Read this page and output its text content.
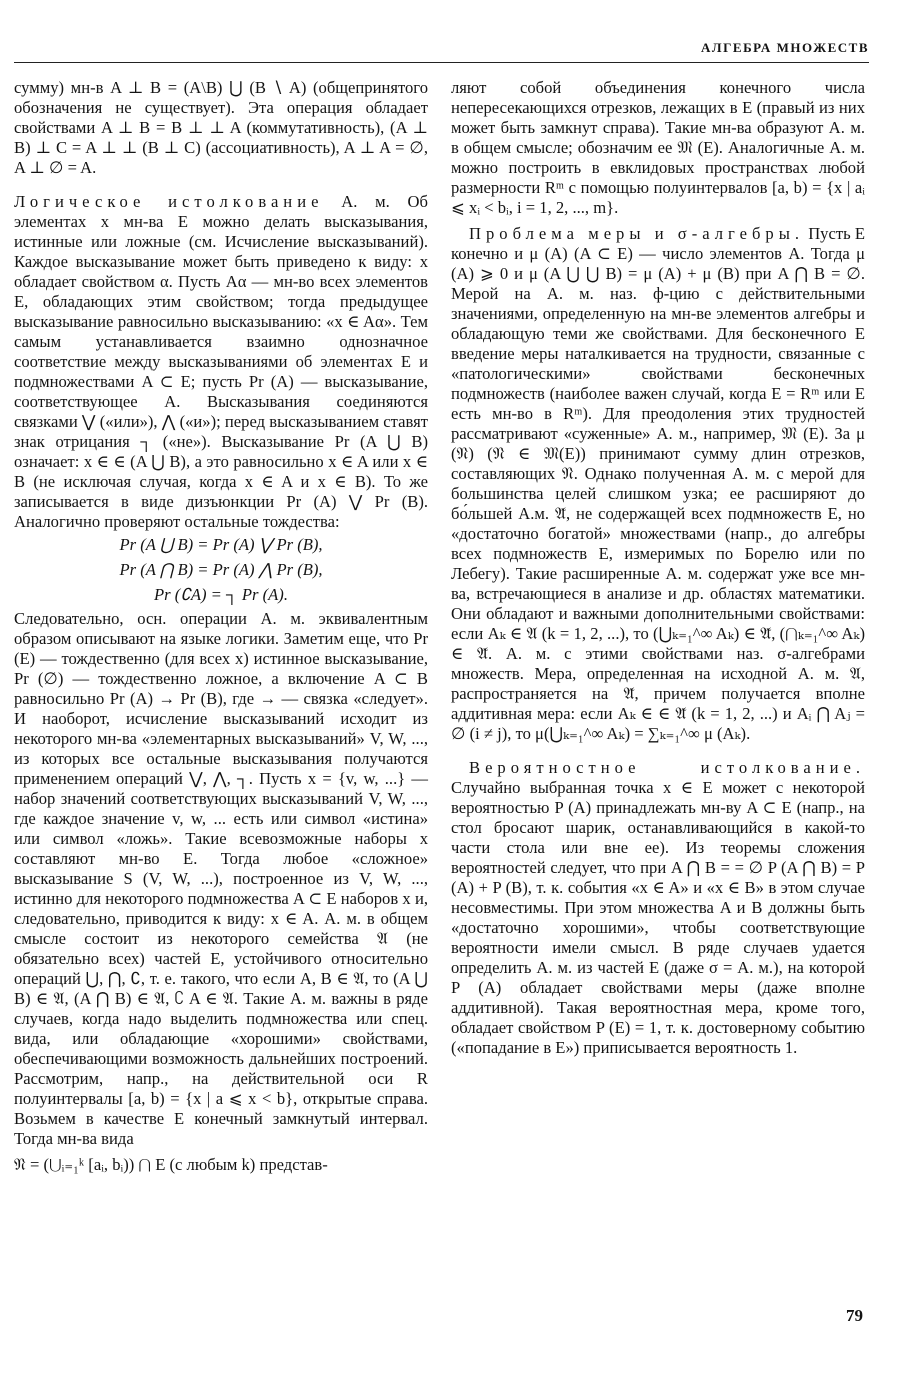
АЛГЕБРА МНОЖЕСТВ

сумму) мн-в A ⊥ B = (A\B) ⋃ (B ∖ A) (общепринятого обозначения не существует). Эта операция обладает свойствами A ⊥ B = B ⊥ ⊥ A (коммутативность), (A ⊥ B) ⊥ C = A ⊥ ⊥ (B ⊥ C) (ассоциативность), A ⊥ A = ∅, A ⊥ ∅ = A.

Логическое истолкование А. м. Об элементах x мн-ва E можно делать высказывания, истинные или ложные (см. Исчисление высказываний). Каждое высказывание может быть приведено к виду: x обладает свойством α. Пусть Aα — мн-во всех элементов E, обладающих этим свойством; тогда предыдущее высказывание равносильно высказыванию: «x ∈ Aα». Тем самым устанавливается взаимно однозначное соответствие между высказываниями об элементах E и подмножествами A ⊂ E; пусть Pr (A) — высказывание, соответствующее A. Высказывания соединяются связками ⋁ («или»), ⋀ («и»); перед высказыванием ставят знак отрицания ┐ («не»). Высказывание Pr (A ⋃ B) означает: x ∈ ∈ (A ⋃ B), а это равносильно x ∈ A или x ∈ B (не исключая случая, когда x ∈ A и x ∈ B). То же записывается в виде дизъюнкции Pr (A) ⋁ Pr (B). Аналогично проверяют остальные тождества:

Pr (A ⋃ B) = Pr (A) ⋁ Pr (B),
Pr (A ⋂ B) = Pr (A) ⋀ Pr (B),
Pr (∁A) = ┐ Pr (A).

Следовательно, осн. операции А. м. эквивалентным образом описывают на языке логики. Заметим еще, что Pr (E) — тождественно (для всех x) истинное высказывание, Pr (∅) — тождественно ложное, а включение A ⊂ B равносильно Pr (A) → Pr (B), где → — связка «следует». И наоборот, исчисление высказываний исходит из некоторого мн-ва «элементарных высказываний» V, W, ..., из которых все остальные высказывания получаются применением операций ⋁, ⋀, ┐. Пусть x = {v, w, ...} — набор значений соответствующих высказываний V, W, ..., где каждое значение v, w, ... есть или символ «истина» или символ «ложь». Такие всевозможные наборы x составляют мн-во E. Тогда любое «сложное» высказывание S (V, W, ...), построенное из V, W, ..., истинно для некоторого подмножества A ⊂ E наборов x и, следовательно, приводится к виду: x ∈ A. А. м. в общем смысле состоит из некоторого семейства 𝔄 (не обязательно всех) частей E, устойчивого относительно операций ⋃, ⋂, ∁, т. е. такого, что если A, B ∈ 𝔄, то (A ⋃ B) ∈ 𝔄, (A ⋂ B) ∈ 𝔄, ∁ A ∈ 𝔄. Такие А. м. важны в ряде случаев, когда надо выделить подмножества или спец. вида, или обладающие «хорошими» свойствами, обеспечивающими возможность дальнейших построений. Рассмотрим, напр., на действительной оси R полуинтервалы [a, b) = {x | a ⩽ x < b}, открытые справа. Возьмем в качестве E конечный замкнутый интервал. Тогда мн-ва вида

𝔑 = (⋃ᵢ₌₁ᵏ [aᵢ, bᵢ)) ⋂ E (с любым k) представ-

ляют собой объединения конечного числа непересекающихся отрезков, лежащих в E (правый из них может быть замкнут справа). Такие мн-ва образуют А. м. в общем смысле; обозначим ее 𝔐 (E). Аналогичные А. м. можно построить в евклидовых пространствах любой размерности Rᵐ с помощью полуинтервалов [a, b) = {x | aᵢ ⩽ xᵢ < bᵢ, i = 1, 2, ..., m}.

Проблема меры и σ-алгебры. Пусть E конечно и μ (A) (A ⊂ E) — число элементов A. Тогда μ (A) ⩾ 0 и μ (A ⋃ ⋃ B) = μ (A) + μ (B) при A ⋂ B = ∅. Мерой на А. м. наз. ф-цию с действительными значениями, определенную на мн-ве элементов алгебры и обладающую теми же свойствами. Для бесконечного E введение меры наталкивается на трудности, связанные с «патологическими» свойствами бесконечных подмножеств (наиболее важен случай, когда E = Rᵐ или E есть мн-во в Rᵐ). Для преодоления этих трудностей рассматривают «суженные» А. м., например, 𝔐 (E). За μ (𝔑) (𝔑 ∈ 𝔐(E)) принимают сумму длин отрезков, составляющих 𝔑. Однако полученная А. м. с мерой для большинства целей слишком узка; ее расширяют до бо́льшей А.м. 𝔄̃, не содержащей всех подмножеств E, но «достаточно богатой» множествами (напр., до алгебры всех подмножеств E, измеримых по Борелю или по Лебегу). Такие расширенные А. м. содержат уже все мн-ва, встречающиеся в анализе и др. областях математики. Они обладают и важными дополнительными свойствами: если Aₖ ∈ 𝔄 (k = 1, 2, ...), то (⋃ₖ₌₁^∞ Aₖ) ∈ 𝔄̃, (⋂ₖ₌₁^∞ Aₖ) ∈ 𝔄̃. А. м. с этими свойствами наз. σ-алгебрами множеств. Мера, определенная на исходной А. м. 𝔄, распространяется на 𝔄̃, причем получается вполне аддитивная мера: если Aₖ ∈ ∈ 𝔄̃ (k = 1, 2, ...) и Aᵢ ⋂ Aⱼ = ∅ (i ≠ j), то μ(⋃ₖ₌₁^∞ Aₖ) = ∑ₖ₌₁^∞ μ (Aₖ).

Вероятностное истолкование. Случайно выбранная точка x ∈ E может с некоторой вероятностью P (A) принадлежать мн-ву A ⊂ E (напр., на стол бросают шарик, останавливающийся в какой-то части стола или вне ее). Из теоремы сложения вероятностей следует, что при A ⋂ B = = ∅ P (A ⋂ B) = P (A) + P (B), т. к. события «x ∈ A» и «x ∈ B» в этом случае несовместимы. При этом множества A и B должны быть «достаточно хорошими», чтобы соответствующие вероятности имели смысл. В ряде случаев удается определить А. м. из частей E (даже σ = А. м.), на которой P (A) обладает свойствами меры (даже вполне аддитивной). Такая вероятностная мера, кроме того, обладает свойством P (E) = 1, т. к. достоверному событию («попадание в E») приписывается вероятность 1.

79
